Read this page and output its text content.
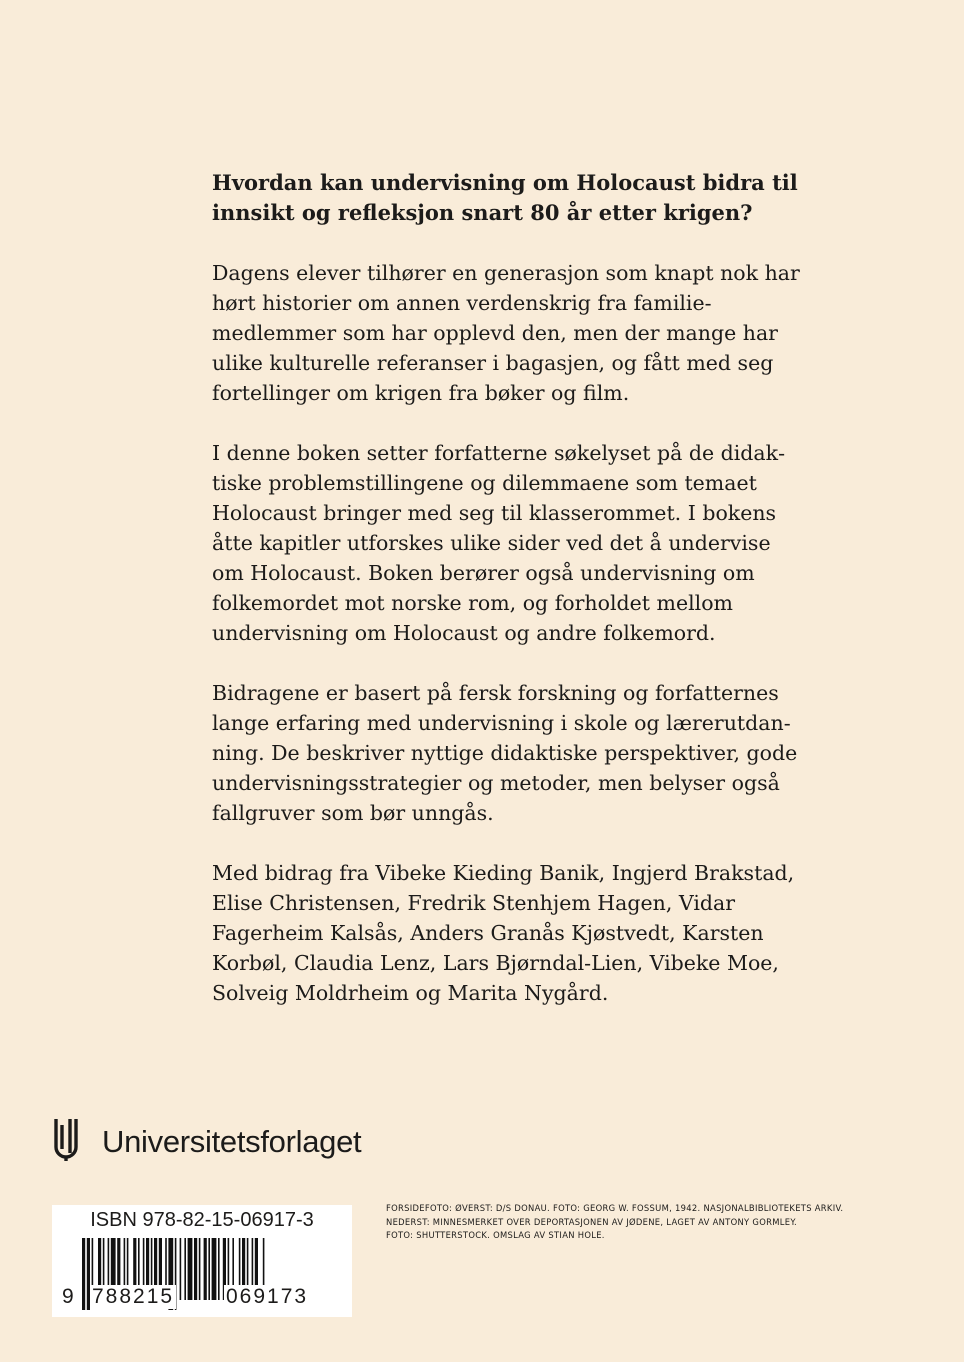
Hvordan kan undervisning om Holocaust bidra til innsikt og refleksjon snart 80 år etter krigen?

Dagens elever tilhører en generasjon som knapt nok har hørt historier om annen verdenskrig fra familiemedlemmer som har opplevd den, men der mange har ulike kulturelle referanser i bagasjen, og fått med seg fortellinger om krigen fra bøker og film.

I denne boken setter forfatterne søkelyset på de didaktiske problemstillingene og dilemmaene som temaet Holocaust bringer med seg til klasserommet. I bokens åtte kapitler utforskes ulike sider ved det å undervise om Holocaust. Boken berører også undervisning om folkemordet mot norske rom, og forholdet mellom undervisning om Holocaust og andre folkemord.

Bidragene er basert på fersk forskning og forfatternes lange erfaring med undervisning i skole og lærerutdanning. De beskriver nyttige didaktiske perspektiver, gode undervisningsstrategier og metoder, men belyser også fallgruver som bør unngås.

Med bidrag fra Vibeke Kieding Banik, Ingjerd Brakstad, Elise Christensen, Fredrik Stenhjem Hagen, Vidar Fagerheim Kalsås, Anders Granås Kjøstvedt, Karsten Korbøl, Claudia Lenz, Lars Bjørndal-Lien, Vibeke Moe, Solveig Moldrheim og Marita Nygård.

Universitetsforlaget
ISBN 978-82-15-06917-3
9 788215 069173
FORSIDEFOTO: ØVERST: D/S DONAU. FOTO: GEORG W. FOSSUM, 1942. NASJONALBIBLIOTEKETS ARKIV.
NEDERST: MINNESMERKET OVER DEPORTASJONEN AV JØDENE, LAGET AV ANTONY GORMLEY.
FOTO: SHUTTERSTOCK. OMSLAG AV STIAN HOLE.
